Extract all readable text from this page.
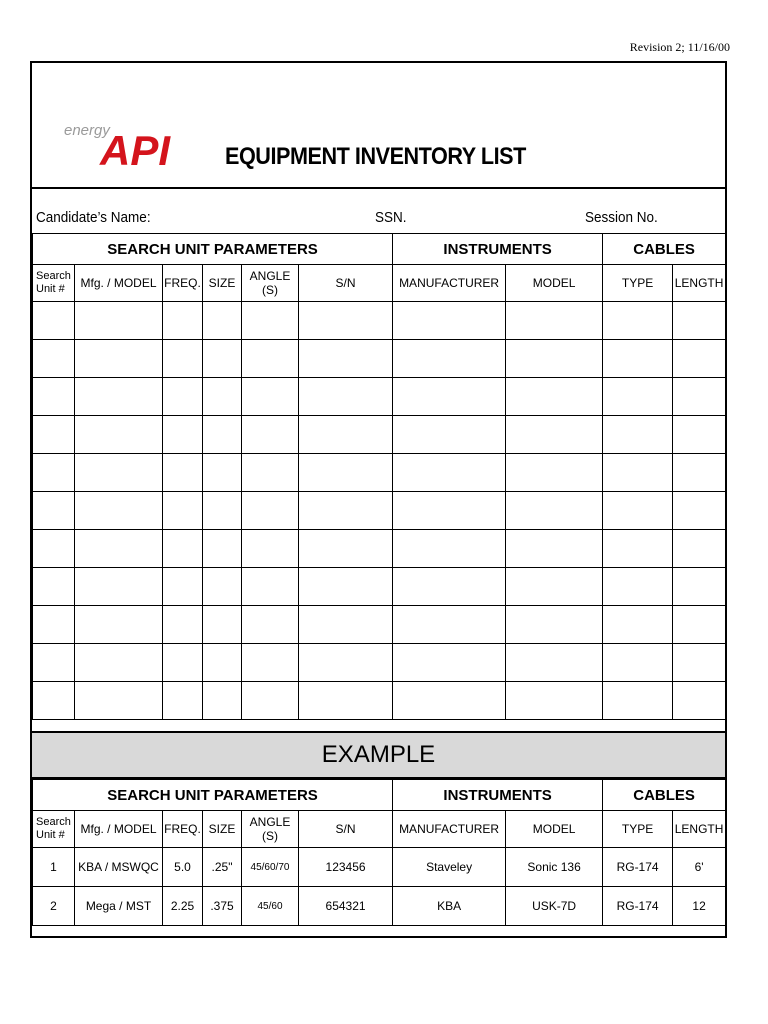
Revision 2; 11/16/00
energy
API EQUIPMENT INVENTORY LIST
Candidate’s Name:	SSN.	Session No.
SEARCH UNIT PARAMETERS						INSTRUMENTS		CABLES	
Search Unit #	Mfg. / MODEL	FREQ.	SIZE	ANGLE (S)	S/N	MANUFACTURER	MODEL	TYPE	LENGTH

EXAMPLE
SEARCH UNIT PARAMETERS						INSTRUMENTS		CABLES	
Search Unit #	Mfg. / MODEL	FREQ.	SIZE	ANGLE (S)	S/N	MANUFACTURER	MODEL	TYPE	LENGTH
1	KBA / MSWQC	5.0	.25"	45/60/70	123456	Staveley	Sonic 136	RG-174	6'
2	Mega / MST	2.25	.375	45/60	654321	KBA	USK-7D	RG-174	12
